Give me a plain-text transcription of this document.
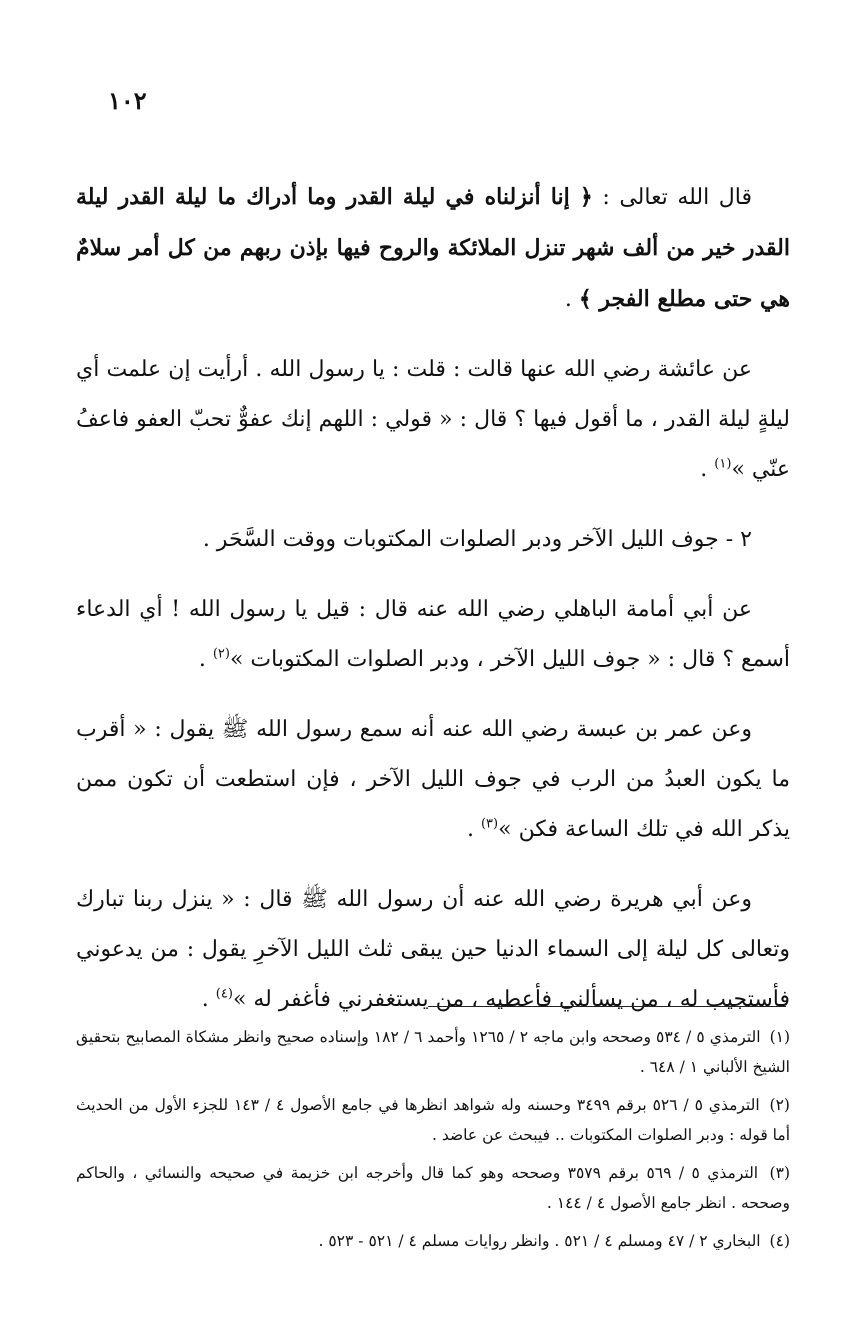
١٠٢

قال الله تعالى : ﴿ إنا أنزلناه في ليلة القدر وما أدراك ما ليلة القدر ليلة القدر خير من ألف شهر تنزل الملائكة والروح فيها بإذن ربهم من كل أمر سلامٌ هي حتى مطلع الفجر ﴾ .

عن عائشة رضي الله عنها قالت : قلت : يا رسول الله . أرأيت إن علمت أي ليلةٍ ليلة القدر ، ما أقول فيها ؟ قال : « قولي : اللهم إنك عفوٌّ تحبّ العفو فاعفُ عنّي »$^{(١)}$ .

٢ - جوف الليل الآخر ودبر الصلوات المكتوبات ووقت السَّحَر .

عن أبي أمامة الباهلي رضي الله عنه قال : قيل يا رسول الله ! أي الدعاء أسمع ؟ قال : « جوف الليل الآخر ، ودبر الصلوات المكتوبات »$^{(٢)}$ .

وعن عمر بن عبسة رضي الله عنه أنه سمع رسول الله ﷺ يقول : « أقرب ما يكون العبدُ من الرب في جوف الليل الآخر ، فإن استطعت أن تكون ممن يذكر الله في تلك الساعة فكن »$^{(٣)}$ .

وعن أبي هريرة رضي الله عنه أن رسول الله ﷺ قال : « ينزل ربنا تبارك وتعالى كل ليلة إلى السماء الدنيا حين يبقى ثلث الليل الآخرِ يقول : من يدعوني فأستجيب له ، من يسألني فأعطيه ، من يستغفرني فأغفر له »$^{(٤)}$ .

(١) الترمذي ٥ / ٥٣٤ وصححه وابن ماجه ٢ / ١٢٦٥ وأحمد ٦ / ١٨٢ وإسناده صحيح وانظر مشكاة المصابيح بتحقيق الشيخ الألباني ١ / ٦٤٨ .

(٢) الترمذي ٥ / ٥٢٦ برقم ٣٤٩٩ وحسنه وله شواهد انظرها في جامع الأصول ٤ / ١٤٣ للجزء الأول من الحديث أما قوله : ودبر الصلوات المكتوبات .. فيبحث عن عاضد .

(٣) الترمذي ٥ / ٥٦٩ برقم ٣٥٧٩ وصححه وهو كما قال وأخرجه ابن خزيمة في صحيحه والنسائي ، والحاكم وصححه . انظر جامع الأصول ٤ / ١٤٤ .

(٤) البخاري ٢ / ٤٧ ومسلم ٤ / ٥٢١ . وانظر روايات مسلم ٤ / ٥٢١ - ٥٢٣ .
